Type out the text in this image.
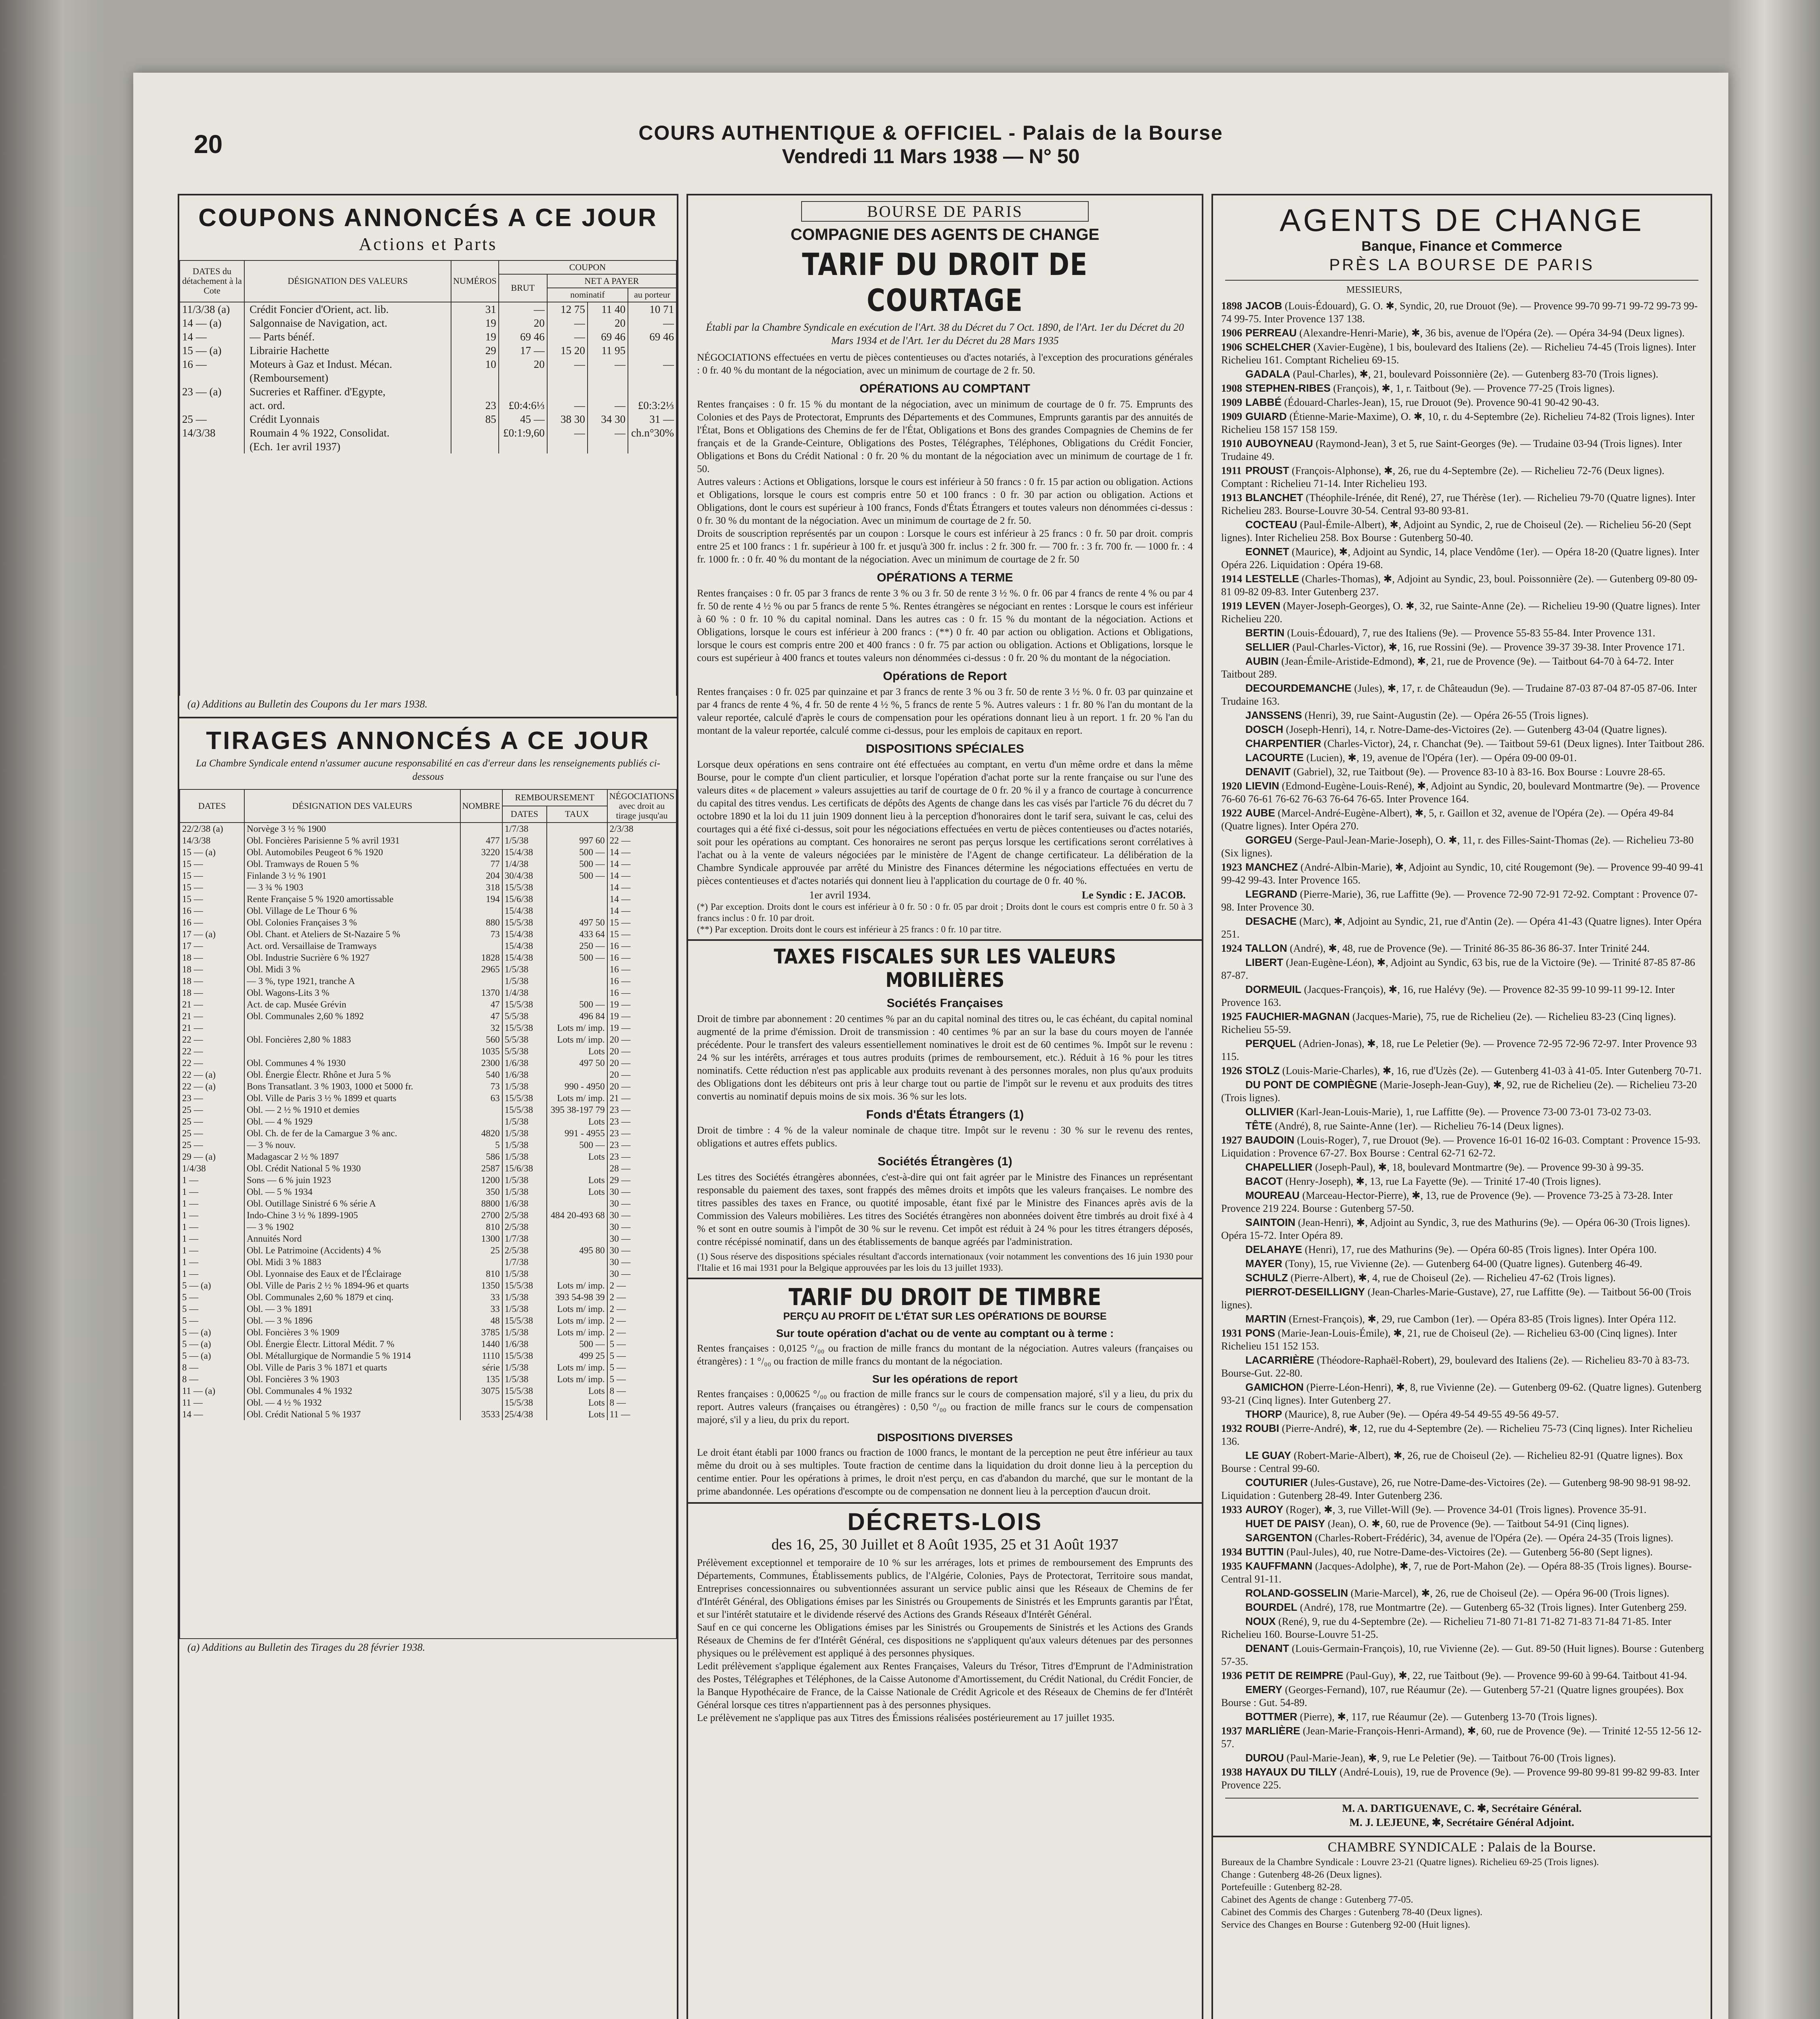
20	COURS AUTHENTIQUE & OFFICIEL - Palais de la Bourse
Vendredi 11 Mars 1938 — N° 50
COUPONS ANNONCÉS A CE JOUR
Actions et Parts
DATES du détachement à la Cote	DÉSIGNATION DES VALEURS	NUMÉROS	COUPON			
			BRUT	NET A PAYER		
				nominatif		au porteur
11/3/38 (a)	Crédit Foncier d'Orient, act. lib.	31	—	12 75	11 40	10 71
14 — (a)	Salgonnaise de Navigation, act.	19	20	—	20	—
14 —	— Parts bénéf.	19	69 46	—	69 46	69 46
15 — (a)	Librairie Hachette	29	17 —	15 20	11 95	
16 —	Moteurs à Gaz et Indust. Mécan.	10	20	—	—	—
	(Remboursement)					
23 — (a)	Sucreries et Raffiner. d'Egypte,					
	act. ord.	23	£0:4:6⅓	—	—	£0:3:2⅓
25 —	Crédit Lyonnais	85	45 —	38 30	34 30	31 —

14/3/38	Roumain 4 % 1922, Consolidat.		£0:1:9,60	—	—	ch.n°30%
	(Ech. 1er avril 1937)					
(a) Additions au Bulletin des Coupons du 1er mars 1938.
TIRAGES ANNONCÉS A CE JOUR
La Chambre Syndicale entend n'assumer aucune responsabilité en cas d'erreur dans les renseignements publiés ci-dessous
DATES	DÉSIGNATION DES VALEURS	NOMBRE	REMBOURSEMENT		NÉGOCIATIONS avec droit au tirage jusqu'au
			DATES	TAUX	
22/2/38 (a)	Norvège 3 ½ % 1900		1/7/38		2/3/38
14/3/38	Obl. Foncières Parisienne 5 % avril 1931	477	1/5/38	997 60	22 —
15 — (a)	Obl. Automobiles Peugeot 6 % 1920	3220	15/4/38	500 —	14 —
15 —	Obl. Tramways de Rouen 5 %	77	1/4/38	500 —	14 —
15 —	Finlande 3 ½ % 1901	204	30/4/38	500 —	14 —
15 —	— 3 ¾ % 1903	318	15/5/38		14 —
15 —	Rente Française 5 % 1920 amortissable	194	15/6/38		14 —
16 —	Obl. Village de Le Thour 6 %		15/4/38		14 —
16 —	Obl. Colonies Françaises 3 %	880	15/5/38	497 50	15 —
17 — (a)	Obl. Chant. et Ateliers de St-Nazaire 5 %	73	15/4/38	433 64	15 —
17 —	Act. ord. Versaillaise de Tramways		15/4/38	250 —	16 —
18 —	Obl. Industrie Sucrière 6 % 1927	1828	15/4/38	500 —	16 —
18 —	Obl. Midi 3 %	2965	1/5/38		16 —
18 —	— 3 %, type 1921, tranche A		1/5/38		16 —
18 —	Obl. Wagons-Lits 3 %	1370	1/4/38		16 —
21 —	Act. de cap. Musée Grévin	47	15/5/38	500 —	19 —
21 —	Obl. Communales 2,60 % 1892	47	5/5/38	496 84	19 —
21 —		32	15/5/38	Lots m/ imp.	19 —
22 —	Obl. Foncières 2,80 % 1883	560	5/5/38	Lots m/ imp.	20 —
22 —		1035	5/5/38	Lots	20 —
22 —	Obl. Communes 4 % 1930	2300	1/6/38	497 50	20 —
22 — (a)	Obl. Énergie Électr. Rhône et Jura 5 %	540	1/6/38		20 —
22 — (a)	Bons Transatlant. 3 % 1903, 1000 et 5000 fr.	73	1/5/38	990 - 4950	20 —
23 —	Obl. Ville de Paris 3 ½ % 1899 et quarts	63	15/5/38	Lots m/ imp.	21 —
25 —	Obl. — 2 ½ % 1910 et demies		15/5/38	395 38-197 79	23 —
25 —	Obl. — 4 % 1929		1/5/38	Lots	23 —
25 —	Obl. Ch. de fer de la Camargue 3 % anc.	4820	1/5/38	991 - 4955	23 —
25 —	— 3 % nouv.	5	1/5/38	500 —	23 —
29 — (a)	Madagascar 2 ½ % 1897	586	1/5/38	Lots	23 —
1/4/38	Obl. Crédit National 5 % 1930	2587	15/6/38		28 —
1 —	Sons — 6 % juin 1923	1200	1/5/38	Lots	29 —
1 —	Obl. — 5 % 1934	350	1/5/38	Lots	30 —
1 —	Obl. Outillage Sinistré 6 % série A	8800	1/6/38		30 —
1 —	Indo-Chine 3 ½ % 1899-1905	2700	2/5/38	484 20-493 68	30 —
1 —	— 3 % 1902	810	2/5/38		30 —
1 —	Annuités Nord	1300	1/7/38		30 —
1 —	Obl. Le Patrimoine (Accidents) 4 %	25	2/5/38	495 80	30 —
1 —	Obl. Midi 3 % 1883		1/7/38		30 —
1 —	Obl. Lyonnaise des Eaux et de l'Éclairage	810	1/5/38		30 —
5 — (a)	Obl. Ville de Paris 2 ½ % 1894-96 et quarts	1350	15/5/38	Lots m/ imp.	2 —
5 —	Obl. Communales 2,60 % 1879 et cinq.	33	1/5/38	393 54-98 39	2 —
5 —	Obl. — 3 % 1891	33	1/5/38	Lots m/ imp.	2 —
5 —	Obl. — 3 % 1896	48	15/5/38	Lots m/ imp.	2 —
5 — (a)	Obl. Foncières 3 % 1909	3785	1/5/38	Lots m/ imp.	2 —
5 — (a)	Obl. Énergie Électr. Littoral Médit. 7 %	1440	1/6/38	500 —	5 —
5 — (a)	Obl. Métallurgique de Normandie 5 % 1914	1110	15/5/38	499 25	5 —
8 —	Obl. Ville de Paris 3 % 1871 et quarts	série	1/5/38	Lots m/ imp.	5 —
8 —	Obl. Foncières 3 % 1903	135	1/5/38	Lots m/ imp.	5 —
11 — (a)	Obl. Communales 4 % 1932	3075	15/5/38	Lots	8 —
11 —	Obl. — 4 ½ % 1932		15/5/38	Lots	8 —
14 —	Obl. Crédit National 5 % 1937	3533	25/4/38	Lots	11 —
(a) Additions au Bulletin des Tirages du 28 février 1938.
BOURSE DE PARIS
COMPAGNIE DES AGENTS DE CHANGE
TARIF DU DROIT DE COURTAGE
Établi par la Chambre Syndicale en exécution de l'Art. 38 du Décret du 7 Oct. 1890, de l'Art. 1er du Décret du 20 Mars 1934 et de l'Art. 1er du Décret du 28 Mars 1935
NÉGOCIATIONS effectuées en vertu de pièces contentieuses ou d'actes notariés, à l'exception des procurations générales : 0 fr. 40 % du montant de la négociation, avec un minimum de courtage de 2 fr. 50.
OPÉRATIONS AU COMPTANT
Rentes françaises : 0 fr. 15 % du montant de la négociation, avec un minimum de courtage de 0 fr. 75. Emprunts des Colonies et des Pays de Protectorat, Emprunts des Départements et des Communes, Emprunts garantis par des annuités de l'État, Bons et Obligations des Chemins de fer de l'État, Obligations et Bons des grandes Compagnies de Chemins de fer français et de la Grande-Ceinture, Obligations des Postes, Télégraphes, Téléphones, Obligations du Crédit Foncier, Obligations et Bons du Crédit National : 0 fr. 20 % du montant de la négociation avec un minimum de courtage de 1 fr. 50.
Autres valeurs : Actions et Obligations, lorsque le cours est inférieur à 50 francs : 0 fr. 15 par action ou obligation. Actions et Obligations, lorsque le cours est compris entre 50 et 100 francs : 0 fr. 30 par action ou obligation. Actions et Obligations, dont le cours est supérieur à 100 francs, Fonds d'États Étrangers et toutes valeurs non dénommées ci-dessus : 0 fr. 30 % du montant de la négociation. Avec un minimum de courtage de 2 fr. 50.
Droits de souscription représentés par un coupon : Lorsque le cours est inférieur à 25 francs : 0 fr. 50 par droit. compris entre 25 et 100 francs : 1 fr. supérieur à 100 fr. et jusqu'à 300 fr. inclus : 2 fr. 300 fr. — 700 fr. : 3 fr. 700 fr. — 1000 fr. : 4 fr. 1000 fr. : 0 fr. 40 % du montant de la négociation. Avec un minimum de courtage de 2 fr. 50
OPÉRATIONS A TERME
Rentes françaises : 0 fr. 05 par 3 francs de rente 3 % ou 3 fr. 50 de rente 3 ½ %. 0 fr. 06 par 4 francs de rente 4 % ou par 4 fr. 50 de rente 4 ½ % ou par 5 francs de rente 5 %. Rentes étrangères se négociant en rentes : Lorsque le cours est inférieur à 60 % : 0 fr. 10 % du capital nominal. Dans les autres cas : 0 fr. 15 % du montant de la négociation. Actions et Obligations, lorsque le cours est inférieur à 200 francs : (**) 0 fr. 40 par action ou obligation. Actions et Obligations, lorsque le cours est compris entre 200 et 400 francs : 0 fr. 75 par action ou obligation. Actions et Obligations, lorsque le cours est supérieur à 400 francs et toutes valeurs non dénommées ci-dessus : 0 fr. 20 % du montant de la négociation.
Opérations de Report
Rentes françaises : 0 fr. 025 par quinzaine et par 3 francs de rente 3 % ou 3 fr. 50 de rente 3 ½ %. 0 fr. 03 par quinzaine et par 4 francs de rente 4 %, 4 fr. 50 de rente 4 ½ %, 5 francs de rente 5 %. Autres valeurs : 1 fr. 80 % l'an du montant de la valeur reportée, calculé d'après le cours de compensation pour les opérations donnant lieu à un report. 1 fr. 20 % l'an du montant de la valeur reportée, calculé comme ci-dessus, pour les emplois de capitaux en report.
DISPOSITIONS SPÉCIALES
Lorsque deux opérations en sens contraire ont été effectuées au comptant, en vertu d'un même ordre et dans la même Bourse, pour le compte d'un client particulier, et lorsque l'opération d'achat porte sur la rente française ou sur l'une des valeurs dites « de placement » valeurs assujetties au tarif de courtage de 0 fr. 20 % il y a franco de courtage à concurrence du capital des titres vendus. Les certificats de dépôts des Agents de change dans les cas visés par l'article 76 du décret du 7 octobre 1890 et la loi du 11 juin 1909 donnent lieu à la perception d'honoraires dont le tarif sera, suivant le cas, celui des courtages qui a été fixé ci-dessus, soit pour les négociations effectuées en vertu de pièces contentieuses ou d'actes notariés, soit pour les opérations au comptant. Ces honoraires ne seront pas perçus lorsque les certifications seront corrélatives à l'achat ou à la vente de valeurs négociées par le ministère de l'Agent de change certificateur. La délibération de la Chambre Syndicale approuvée par arrêté du Ministre des Finances détermine les négociations effectuées en vertu de pièces contentieuses et d'actes notariés qui donnent lieu à l'application du courtage de 0 fr. 40 %.
1er avril 1934.	Le Syndic : E. JACOB.
(*) Par exception. Droits dont le cours est inférieur à 0 fr. 50 : 0 fr. 05 par droit ; Droits dont le cours est compris entre 0 fr. 50 à 3 francs inclus : 0 fr. 10 par droit.
(**) Par exception. Droits dont le cours est inférieur à 25 francs : 0 fr. 10 par titre.
TAXES FISCALES SUR LES VALEURS MOBILIÈRES
Sociétés Françaises
Droit de timbre par abonnement : 20 centimes % par an du capital nominal des titres ou, le cas échéant, du capital nominal augmenté de la prime d'émission. Droit de transmission : 40 centimes % par an sur la base du cours moyen de l'année précédente. Pour le transfert des valeurs essentiellement nominatives le droit est de 60 centimes %. Impôt sur le revenu : 24 % sur les intérêts, arrérages et tous autres produits (primes de remboursement, etc.). Réduit à 16 % pour les titres nominatifs. Cette réduction n'est pas applicable aux produits revenant à des personnes morales, non plus qu'aux produits des Obligations dont les débiteurs ont pris à leur charge tout ou partie de l'impôt sur le revenu et aux produits des titres convertis au nominatif depuis moins de six mois. 36 % sur les lots.
Fonds d'États Étrangers (1)
Droit de timbre : 4 % de la valeur nominale de chaque titre. Impôt sur le revenu : 30 % sur le revenu des rentes, obligations et autres effets publics.
Sociétés Étrangères (1)
Les titres des Sociétés étrangères abonnées, c'est-à-dire qui ont fait agréer par le Ministre des Finances un représentant responsable du paiement des taxes, sont frappés des mêmes droits et impôts que les valeurs françaises. Le nombre des titres passibles des taxes en France, ou quotité imposable, étant fixé par le Ministre des Finances après avis de la Commission des Valeurs mobilières. Les titres des Sociétés étrangères non abonnées doivent être timbrés au droit fixé à 4 % et sont en outre soumis à l'impôt de 30 % sur le revenu. Cet impôt est réduit à 24 % pour les titres étrangers déposés, contre récépissé nominatif, dans un des établissements de banque agréés par l'administration.
(1) Sous réserve des dispositions spéciales résultant d'accords internationaux (voir notamment les conventions des 16 juin 1930 pour l'Italie et 16 mai 1931 pour la Belgique approuvées par les lois du 13 juillet 1933).
TARIF DU DROIT DE TIMBRE
PERÇU AU PROFIT DE L'ÉTAT SUR LES OPÉRATIONS DE BOURSE
Sur toute opération d'achat ou de vente au comptant ou à terme :
Rentes françaises : 0,0125 °/₀₀ ou fraction de mille francs du montant de la négociation. Autres valeurs (françaises ou étrangères) : 1 °/₀₀ ou fraction de mille francs du montant de la négociation.
Sur les opérations de report
Rentes françaises : 0,00625 °/₀₀ ou fraction de mille francs sur le cours de compensation majoré, s'il y a lieu, du prix du report. Autres valeurs (françaises ou étrangères) : 0,50 °/₀₀ ou fraction de mille francs sur le cours de compensation majoré, s'il y a lieu, du prix du report.
DISPOSITIONS DIVERSES
Le droit étant établi par 1000 francs ou fraction de 1000 francs, le montant de la perception ne peut être inférieur au taux même du droit ou à ses multiples. Toute fraction de centime dans la liquidation du droit donne lieu à la perception du centime entier. Pour les opérations à primes, le droit n'est perçu, en cas d'abandon du marché, que sur le montant de la prime abandonnée. Les opérations d'escompte ou de compensation ne donnent lieu à la perception d'aucun droit.
DÉCRETS-LOIS
des 16, 25, 30 Juillet et 8 Août 1935, 25 et 31 Août 1937
Prélèvement exceptionnel et temporaire de 10 % sur les arrérages, lots et primes de remboursement des Emprunts des Départements, Communes, Établissements publics, de l'Algérie, Colonies, Pays de Protectorat, Territoire sous mandat, Entreprises concessionnaires ou subventionnées assurant un service public ainsi que les Réseaux de Chemins de fer d'Intérêt Général, des Obligations émises par les Sinistrés ou Groupements de Sinistrés et les Emprunts garantis par l'État, et sur l'intérêt statutaire et le dividende réservé des Actions des Grands Réseaux d'Intérêt Général.
Sauf en ce qui concerne les Obligations émises par les Sinistrés ou Groupements de Sinistrés et les Actions des Grands Réseaux de Chemins de fer d'Intérêt Général, ces dispositions ne s'appliquent qu'aux valeurs détenues par des personnes physiques ou le prélèvement est appliqué à des personnes physiques.
Ledit prélèvement s'applique également aux Rentes Françaises, Valeurs du Trésor, Titres d'Emprunt de l'Administration des Postes, Télégraphes et Téléphones, de la Caisse Autonome d'Amortissement, du Crédit National, du Crédit Foncier, de la Banque Hypothécaire de France, de la Caisse Nationale de Crédit Agricole et des Réseaux de Chemins de fer d'Intérêt Général lorsque ces titres n'appartiennent pas à des personnes physiques.
Le prélèvement ne s'applique pas aux Titres des Émissions réalisées postérieurement au 17 juillet 1935.
AGENTS DE CHANGE
Banque, Finance et Commerce
PRÈS LA BOURSE DE PARIS
MESSIEURS,
1898 JACOB (Louis-Édouard), G. O. ✱, Syndic, 20, rue Drouot (9e). — Provence 99-70 99-71 99-72 99-73 99-74 99-75. Inter Provence 137 138.
1906 PERREAU (Alexandre-Henri-Marie), ✱, 36 bis, avenue de l'Opéra (2e). — Opéra 34-94 (Deux lignes).
1906 SCHELCHER (Xavier-Eugène), 1 bis, boulevard des Italiens (2e). — Richelieu 74-45 (Trois lignes). Inter Richelieu 161. Comptant Richelieu 69-15.
GADALA (Paul-Charles), ✱, 21, boulevard Poissonnière (2e). — Gutenberg 83-70 (Trois lignes).
1908 STEPHEN-RIBES (François), ✱, 1, r. Taitbout (9e). — Provence 77-25 (Trois lignes).
1909 LABBÉ (Édouard-Charles-Jean), 15, rue Drouot (9e). Provence 90-41 90-42 90-43.
1909 GUIARD (Étienne-Marie-Maxime), O. ✱, 10, r. du 4-Septembre (2e). Richelieu 74-82 (Trois lignes). Inter Richelieu 158 157 158 159.
1910 AUBOYNEAU (Raymond-Jean), 3 et 5, rue Saint-Georges (9e). — Trudaine 03-94 (Trois lignes). Inter Trudaine 49.
1911 PROUST (François-Alphonse), ✱, 26, rue du 4-Septembre (2e). — Richelieu 72-76 (Deux lignes). Comptant : Richelieu 71-14. Inter Richelieu 193.
1913 BLANCHET (Théophile-Irénée, dit René), 27, rue Thérèse (1er). — Richelieu 79-70 (Quatre lignes). Inter Richelieu 283. Bourse-Louvre 30-54. Central 93-80 93-81.
COCTEAU (Paul-Émile-Albert), ✱, Adjoint au Syndic, 2, rue de Choiseul (2e). — Richelieu 56-20 (Sept lignes). Inter Richelieu 258. Box Bourse : Gutenberg 50-40.
EONNET (Maurice), ✱, Adjoint au Syndic, 14, place Vendôme (1er). — Opéra 18-20 (Quatre lignes). Inter Opéra 226. Liquidation : Opéra 19-68.
1914 LESTELLE (Charles-Thomas), ✱, Adjoint au Syndic, 23, boul. Poissonnière (2e). — Gutenberg 09-80 09-81 09-82 09-83. Inter Gutenberg 237.
1919 LEVEN (Mayer-Joseph-Georges), O. ✱, 32, rue Sainte-Anne (2e). — Richelieu 19-90 (Quatre lignes). Inter Richelieu 220.
BERTIN (Louis-Édouard), 7, rue des Italiens (9e). — Provence 55-83 55-84. Inter Provence 131.
SELLIER (Paul-Charles-Victor), ✱, 16, rue Rossini (9e). — Provence 39-37 39-38. Inter Provence 171.
AUBIN (Jean-Émile-Aristide-Edmond), ✱, 21, rue de Provence (9e). — Taitbout 64-70 à 64-72. Inter Taitbout 289.
DECOURDEMANCHE (Jules), ✱, 17, r. de Châteaudun (9e). — Trudaine 87-03 87-04 87-05 87-06. Inter Trudaine 163.
JANSSENS (Henri), 39, rue Saint-Augustin (2e). — Opéra 26-55 (Trois lignes).
DOSCH (Joseph-Henri), 14, r. Notre-Dame-des-Victoires (2e). — Gutenberg 43-04 (Quatre lignes).
CHARPENTIER (Charles-Victor), 24, r. Chanchat (9e). — Taitbout 59-61 (Deux lignes). Inter Taitbout 286.
LACOURTE (Lucien), ✱, 19, avenue de l'Opéra (1er). — Opéra 09-00 09-01.
DENAVIT (Gabriel), 32, rue Taitbout (9e). — Provence 83-10 à 83-16. Box Bourse : Louvre 28-65.
1920 LIEVIN (Edmond-Eugène-Louis-René), ✱, Adjoint au Syndic, 20, boulevard Montmartre (9e). — Provence 76-60 76-61 76-62 76-63 76-64 76-65. Inter Provence 164.
1922 AUBE (Marcel-André-Eugène-Albert), ✱, 5, r. Gaillon et 32, avenue de l'Opéra (2e). — Opéra 49-84 (Quatre lignes). Inter Opéra 270.
GORGEU (Serge-Paul-Jean-Marie-Joseph), O. ✱, 11, r. des Filles-Saint-Thomas (2e). — Richelieu 73-80 (Six lignes).
1923 MANCHEZ (André-Albin-Marie), ✱, Adjoint au Syndic, 10, cité Rougemont (9e). — Provence 99-40 99-41 99-42 99-43. Inter Provence 165.
LEGRAND (Pierre-Marie), 36, rue Laffitte (9e). — Provence 72-90 72-91 72-92. Comptant : Provence 07-98. Inter Provence 30.
DESACHE (Marc), ✱, Adjoint au Syndic, 21, rue d'Antin (2e). — Opéra 41-43 (Quatre lignes). Inter Opéra 251.
1924 TALLON (André), ✱, 48, rue de Provence (9e). — Trinité 86-35 86-36 86-37. Inter Trinité 244.
LIBERT (Jean-Eugène-Léon), ✱, Adjoint au Syndic, 63 bis, rue de la Victoire (9e). — Trinité 87-85 87-86 87-87.
DORMEUIL (Jacques-François), ✱, 16, rue Halévy (9e). — Provence 82-35 99-10 99-11 99-12. Inter Provence 163.
1925 FAUCHIER-MAGNAN (Jacques-Marie), 75, rue de Richelieu (2e). — Richelieu 83-23 (Cinq lignes). Richelieu 55-59.
PERQUEL (Adrien-Jonas), ✱, 18, rue Le Peletier (9e). — Provence 72-95 72-96 72-97. Inter Provence 93 115.
1926 STOLZ (Louis-Marie-Charles), ✱, 16, rue d'Uzès (2e). — Gutenberg 41-03 à 41-05. Inter Gutenberg 70-71.
DU PONT DE COMPIÈGNE (Marie-Joseph-Jean-Guy), ✱, 92, rue de Richelieu (2e). — Richelieu 73-20 (Trois lignes).
OLLIVIER (Karl-Jean-Louis-Marie), 1, rue Laffitte (9e). — Provence 73-00 73-01 73-02 73-03.
TÊTE (André), 8, rue Sainte-Anne (1er). — Richelieu 76-14 (Deux lignes).
1927 BAUDOIN (Louis-Roger), 7, rue Drouot (9e). — Provence 16-01 16-02 16-03. Comptant : Provence 15-93. Liquidation : Provence 67-27. Box Bourse : Central 62-71 62-72.
CHAPELLIER (Joseph-Paul), ✱, 18, boulevard Montmartre (9e). — Provence 99-30 à 99-35.
BACOT (Henry-Joseph), ✱, 13, rue La Fayette (9e). — Trinité 17-40 (Trois lignes).
MOUREAU (Marceau-Hector-Pierre), ✱, 13, rue de Provence (9e). — Provence 73-25 à 73-28. Inter Provence 219 224. Bourse : Gutenberg 57-50.
SAINTOIN (Jean-Henri), ✱, Adjoint au Syndic, 3, rue des Mathurins (9e). — Opéra 06-30 (Trois lignes). Opéra 15-72. Inter Opéra 89.
DELAHAYE (Henri), 17, rue des Mathurins (9e). — Opéra 60-85 (Trois lignes). Inter Opéra 100.
MAYER (Tony), 15, rue Vivienne (2e). — Gutenberg 64-00 (Quatre lignes). Gutenberg 46-49.
SCHULZ (Pierre-Albert), ✱, 4, rue de Choiseul (2e). — Richelieu 47-62 (Trois lignes).
PIERROT-DESEILLIGNY (Jean-Charles-Marie-Gustave), 27, rue Laffitte (9e). — Taitbout 56-00 (Trois lignes).
MARTIN (Ernest-François), ✱, 29, rue Cambon (1er). — Opéra 83-85 (Trois lignes). Inter Opéra 112.
1931 PONS (Marie-Jean-Louis-Émile), ✱, 21, rue de Choiseul (2e). — Richelieu 63-00 (Cinq lignes). Inter Richelieu 151 152 153.
LACARRIÈRE (Théodore-Raphaël-Robert), 29, boulevard des Italiens (2e). — Richelieu 83-70 à 83-73. Bourse-Gut. 22-80.
GAMICHON (Pierre-Léon-Henri), ✱, 8, rue Vivienne (2e). — Gutenberg 09-62. (Quatre lignes). Gutenberg 93-21 (Cinq lignes). Inter Gutenberg 27.
THORP (Maurice), 8, rue Auber (9e). — Opéra 49-54 49-55 49-56 49-57.
1932 ROUBI (Pierre-André), ✱, 12, rue du 4-Septembre (2e). — Richelieu 75-73 (Cinq lignes). Inter Richelieu 136.
LE GUAY (Robert-Marie-Albert), ✱, 26, rue de Choiseul (2e). — Richelieu 82-91 (Quatre lignes). Box Bourse : Central 99-60.
COUTURIER (Jules-Gustave), 26, rue Notre-Dame-des-Victoires (2e). — Gutenberg 98-90 98-91 98-92. Liquidation : Gutenberg 28-49. Inter Gutenberg 236.
1933 AUROY (Roger), ✱, 3, rue Villet-Will (9e). — Provence 34-01 (Trois lignes). Provence 35-91.
HUET DE PAISY (Jean), O. ✱, 60, rue de Provence (9e). — Taitbout 54-91 (Cinq lignes).
SARGENTON (Charles-Robert-Frédéric), 34, avenue de l'Opéra (2e). — Opéra 24-35 (Trois lignes).
1934 BUTTIN (Paul-Jules), 40, rue Notre-Dame-des-Victoires (2e). — Gutenberg 56-80 (Sept lignes).
1935 KAUFFMANN (Jacques-Adolphe), ✱, 7, rue de Port-Mahon (2e). — Opéra 88-35 (Trois lignes). Bourse-Central 91-11.
ROLAND-GOSSELIN (Marie-Marcel), ✱, 26, rue de Choiseul (2e). — Opéra 96-00 (Trois lignes).
BOURDEL (André), 178, rue Montmartre (2e). — Gutenberg 65-32 (Trois lignes). Inter Gutenberg 259.
NOUX (René), 9, rue du 4-Septembre (2e). — Richelieu 71-80 71-81 71-82 71-83 71-84 71-85. Inter Richelieu 160. Bourse-Louvre 51-25.
DENANT (Louis-Germain-François), 10, rue Vivienne (2e). — Gut. 89-50 (Huit lignes). Bourse : Gutenberg 57-35.
1936 PETIT DE REIMPRE (Paul-Guy), ✱, 22, rue Taitbout (9e). — Provence 99-60 à 99-64. Taitbout 41-94.
EMERY (Georges-Fernand), 107, rue Réaumur (2e). — Gutenberg 57-21 (Quatre lignes groupées). Box Bourse : Gut. 54-89.
BOTTMER (Pierre), ✱, 117, rue Réaumur (2e). — Gutenberg 13-70 (Trois lignes).
1937 MARLIÈRE (Jean-Marie-François-Henri-Armand), ✱, 60, rue de Provence (9e). — Trinité 12-55 12-56 12-57.
DUROU (Paul-Marie-Jean), ✱, 9, rue Le Peletier (9e). — Taitbout 76-00 (Trois lignes).
1938 HAYAUX DU TILLY (André-Louis), 19, rue de Provence (9e). — Provence 99-80 99-81 99-82 99-83. Inter Provence 225.
M. A. DARTIGUENAVE, C. ✱, Secrétaire Général.
M. J. LEJEUNE, ✱, Secrétaire Général Adjoint.
CHAMBRE SYNDICALE : Palais de la Bourse.
Bureaux de la Chambre Syndicale : Louvre 23-21 (Quatre lignes). Richelieu 69-25 (Trois lignes).
Change : Gutenberg 48-26 (Deux lignes).
Portefeuille : Gutenberg 82-28.
Cabinet des Agents de change : Gutenberg 77-05.
Cabinet des Commis des Charges : Gutenberg 78-40 (Deux lignes).
Service des Changes en Bourse : Gutenberg 92-00 (Huit lignes).
